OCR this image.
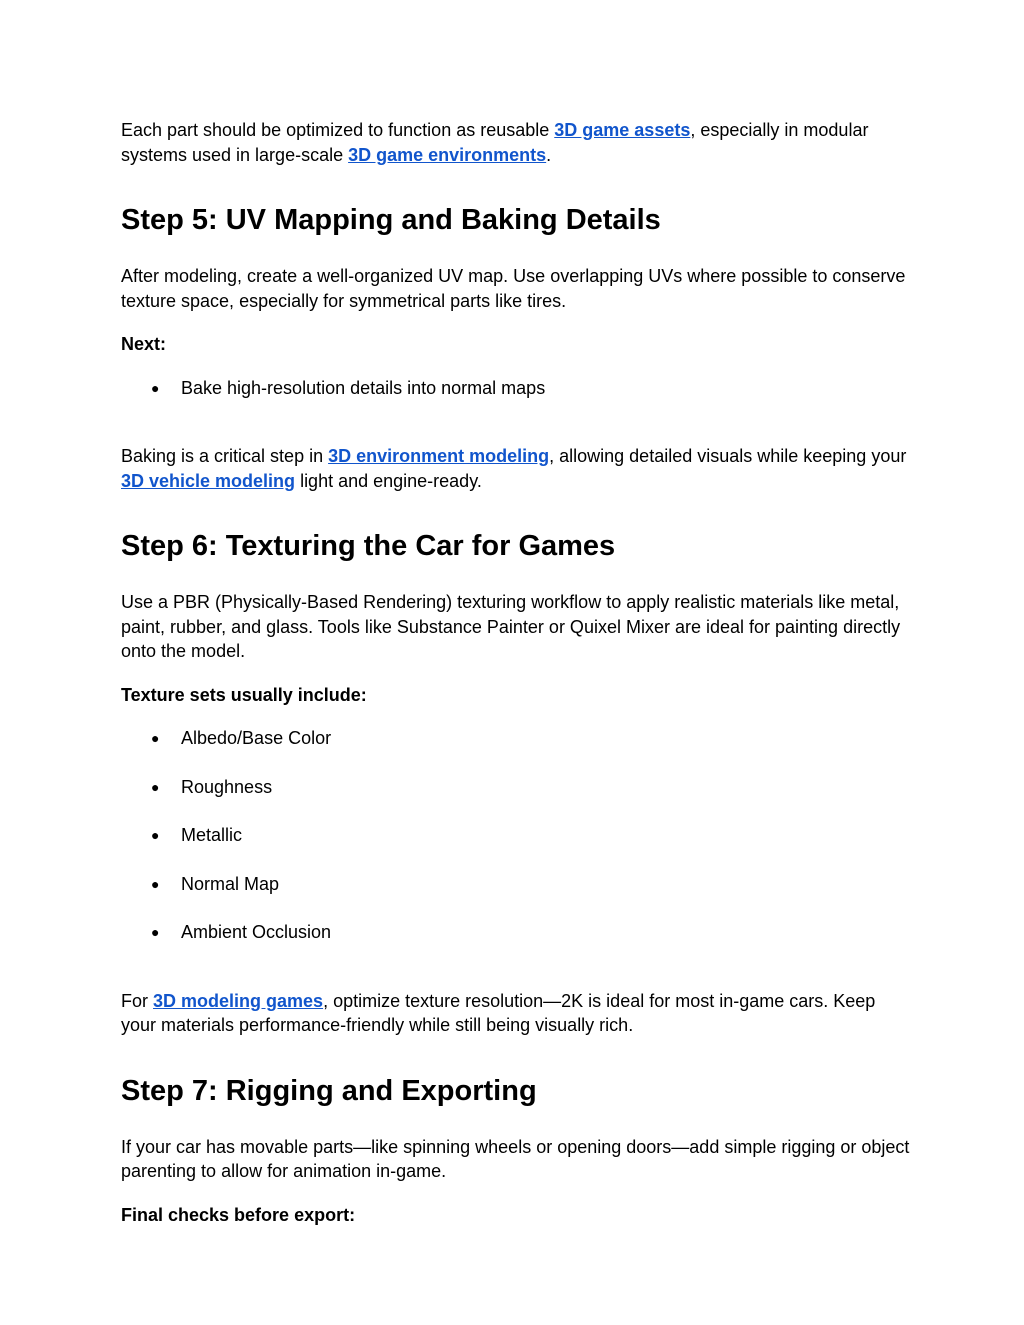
Each part should be optimized to function as reusable 3D game assets, especially in modular systems used in large-scale 3D game environments.

Step 5: UV Mapping and Baking Details

After modeling, create a well-organized UV map. Use overlapping UVs where possible to conserve texture space, especially for symmetrical parts like tires.

Next:

● Bake high-resolution details into normal maps

Baking is a critical step in 3D environment modeling, allowing detailed visuals while keeping your 3D vehicle modeling light and engine-ready.

Step 6: Texturing the Car for Games

Use a PBR (Physically-Based Rendering) texturing workflow to apply realistic materials like metal, paint, rubber, and glass. Tools like Substance Painter or Quixel Mixer are ideal for painting directly onto the model.

Texture sets usually include:

● Albedo/Base Color
● Roughness
● Metallic
● Normal Map
● Ambient Occlusion

For 3D modeling games, optimize texture resolution—2K is ideal for most in-game cars. Keep your materials performance-friendly while still being visually rich.

Step 7: Rigging and Exporting

If your car has movable parts—like spinning wheels or opening doors—add simple rigging or object parenting to allow for animation in-game.

Final checks before export:
